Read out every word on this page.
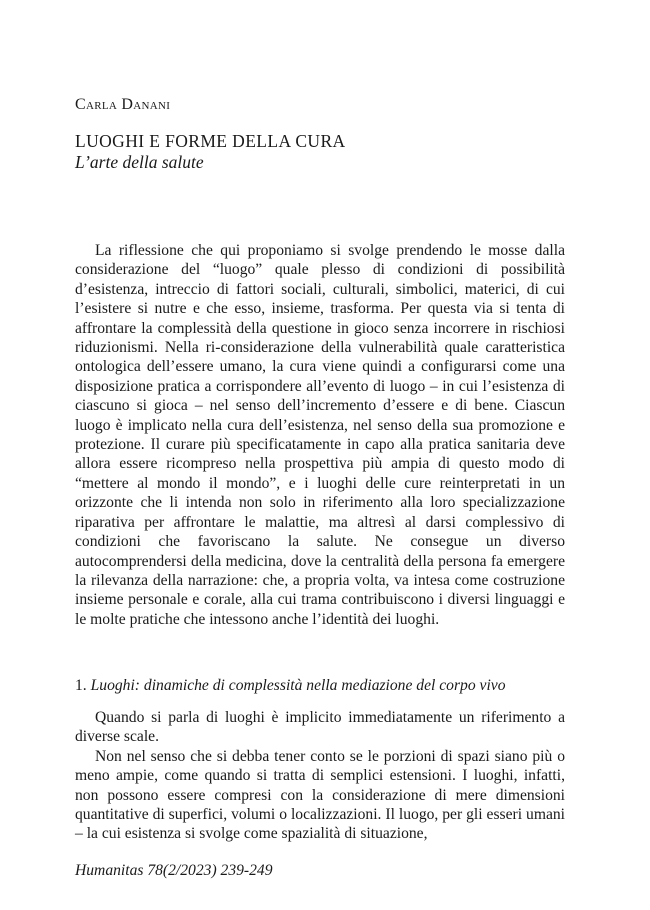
Carla Danani

LUOGHI E FORME DELLA CURA

L’arte della salute

La riflessione che qui proponiamo si svolge prendendo le mosse dalla considerazione del “luogo” quale plesso di condizioni di possibilità d’esistenza, intreccio di fattori sociali, culturali, simbolici, materici, di cui l’esistere si nutre e che esso, insieme, trasforma. Per questa via si tenta di affrontare la complessità della questione in gioco senza incorrere in rischiosi riduzionismi. Nella ri-considerazione della vulnerabilità quale caratteristica ontologica dell’essere umano, la cura viene quindi a configurarsi come una disposizione pratica a corrispondere all’evento di luogo – in cui l’esistenza di ciascuno si gioca – nel senso dell’incremento d’essere e di bene. Ciascun luogo è implicato nella cura dell’esistenza, nel senso della sua promozione e protezione. Il curare più specificatamente in capo alla pratica sanitaria deve allora essere ricompreso nella prospettiva più ampia di questo modo di “mettere al mondo il mondo”, e i luoghi delle cure reinterpretati in un orizzonte che li intenda non solo in riferimento alla loro specializzazione riparativa per affrontare le malattie, ma altresì al darsi complessivo di condizioni che favoriscano la salute. Ne consegue un diverso autocomprendersi della medicina, dove la centralità della persona fa emergere la rilevanza della narrazione: che, a propria volta, va intesa come costruzione insieme personale e corale, alla cui trama contribuiscono i diversi linguaggi e le molte pratiche che intessono anche l’identità dei luoghi.

1. Luoghi: dinamiche di complessità nella mediazione del corpo vivo

Quando si parla di luoghi è implicito immediatamente un riferimento a diverse scale.

Non nel senso che si debba tener conto se le porzioni di spazi siano più o meno ampie, come quando si tratta di semplici estensioni. I luoghi, infatti, non possono essere compresi con la considerazione di mere dimensioni quantitative di superfici, volumi o localizzazioni. Il luogo, per gli esseri umani – la cui esistenza si svolge come spazialità di situazione,

Humanitas 78(2/2023) 239-249
